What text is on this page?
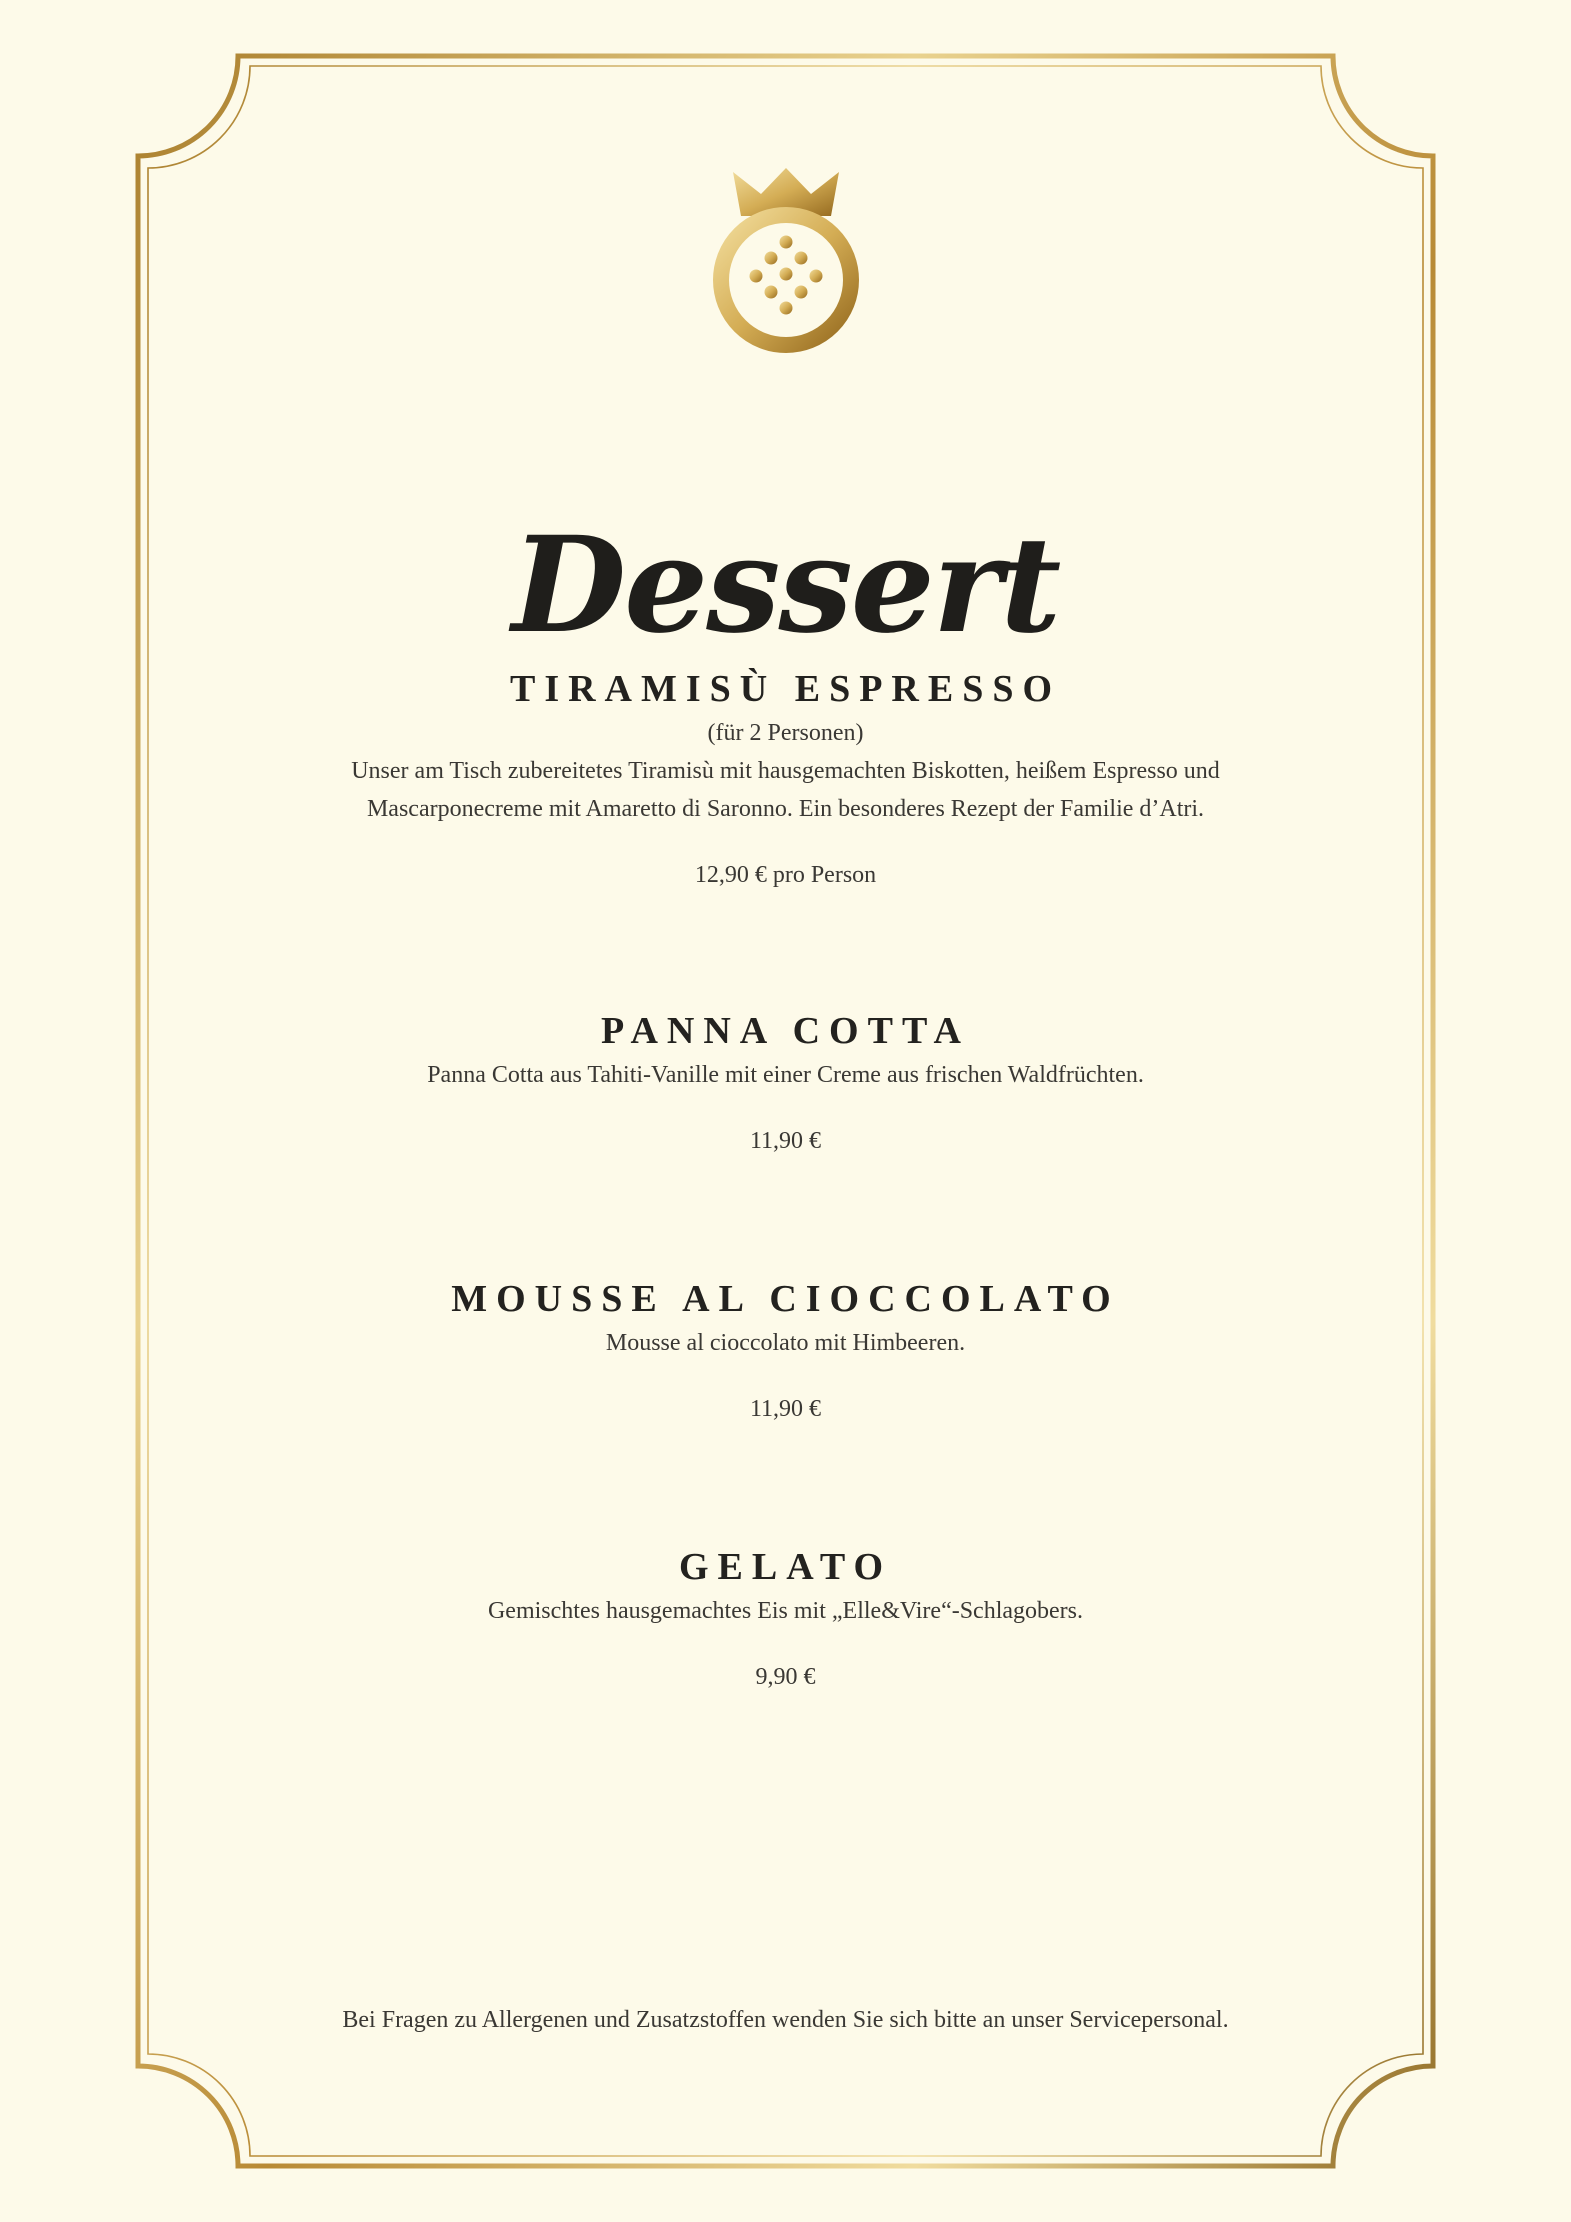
Dessert
TIRAMISÙ ESPRESSO

(für 2 Personen)

Unser am Tisch zubereitetes Tiramisù mit hausgemachten Biskotten, heißem Espresso und

Mascarponecreme mit Amaretto di Saronno. Ein besonderes Rezept der Familie d’Atri.

12,90 € pro Person
PANNA COTTA

Panna Cotta aus Tahiti-Vanille mit einer Creme aus frischen Waldfrüchten.

11,90 €
MOUSSE AL CIOCCOLATO

Mousse al cioccolato mit Himbeeren.

11,90 €
GELATO

Gemischtes hausgemachtes Eis mit „Elle&Vire“-Schlagobers.

9,90 €
Bei Fragen zu Allergenen und Zusatzstoffen wenden Sie sich bitte an unser Servicepersonal.
